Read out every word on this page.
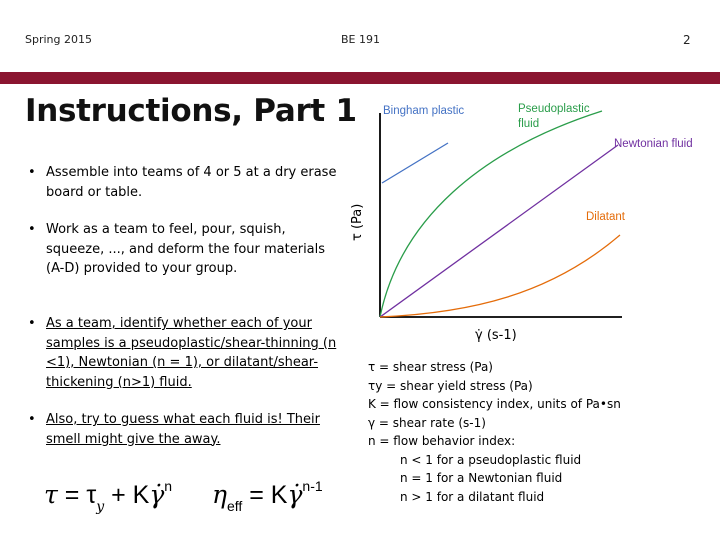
Spring 2015	BE 191	2
Instructions, Part 1
• Assemble into teams of 4 or 5 at a dry erase board or table.
• Work as a team to feel, pour, squish, squeeze, ..., and deform the four materials (A-D) provided to your group.
• As a team, identify whether each of your samples is a pseudoplastic/shear-thinning (n <1), Newtonian (n = 1), or dilatant/shear-thickening (n>1) fluid.
• Also, try to guess what each fluid is! Their smell might give the away.
$\tau = \tau_y$ + Kγ̇$^n$ $\eta_{eff}$ = Kγ̇$^{n-1}$
Bingham plastic	Pseudoplastic
fluid
Newtonian fluid
Dilatant
τ (Pa)
γ̇ (s-1)
τ = shear stress (Pa)
τy = shear yield stress (Pa)
K = flow consistency index, units of Pa•sn
γ = shear rate (s-1)
n = flow behavior index:
n < 1 for a pseudoplastic fluid
n = 1 for a Newtonian fluid
n > 1 for a dilatant fluid
